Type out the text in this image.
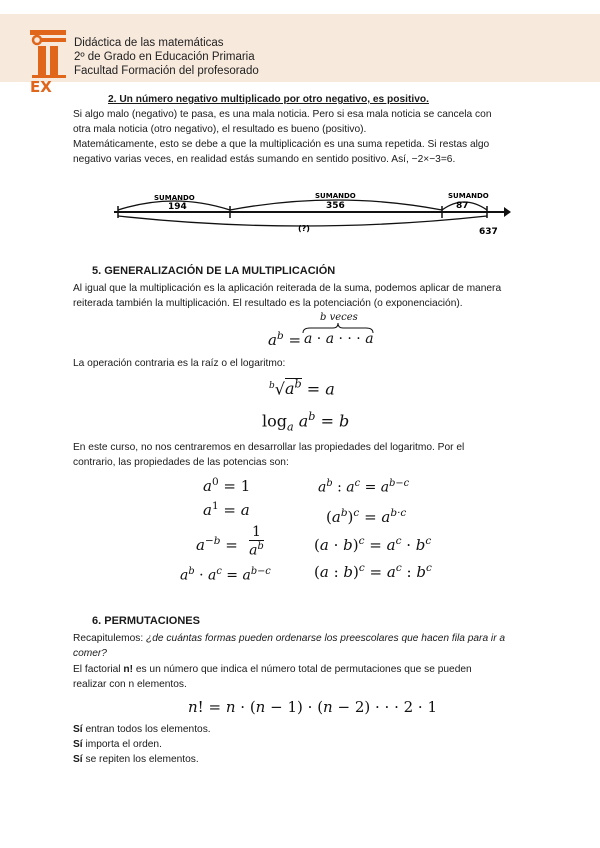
EX
Didáctica de las matemáticas
2º de Grado en Educación Primaria
Facultad Formación del profesorado
2. Un número negativo multiplicado por otro negativo, es positivo.
Si algo malo (negativo) te pasa, es una mala noticia. Pero si esa mala noticia se cancela con
otra mala noticia (otro negativo), el resultado es bueno (positivo).
Matemáticamente, esto se debe a que la multiplicación es una suma repetida. Si restas algo
negativo varias veces, en realidad estás sumando en sentido positivo. Así, −2×−3=6.
SUMANDO
194
SUMANDO
356
SUMANDO
87
(?)	637
5. GENERALIZACIÓN DE LA MULTIPLICACIÓN
Al igual que la multiplicación es la aplicación reiterada de la suma, podemos aplicar de manera
reiterada también la multiplicación. El resultado es la potenciación (o exponenciación).
$a^b$ =
b veces
a · a · · · a
La operación contraria es la raíz o el logaritmo:
$^b√a^b = a$
$\log_a a^b = b$
En este curso, no nos centraremos en desarrollar las propiedades del logaritmo. Por el
contrario, las propiedades de las potencias son:
$a^0 = 1$	$a^b$ : $a^c = a^{b-c}$
$a^1 = a$	$(a^b)^c = a^{b\cdot c}$
$a^{-b}$ =
1
$a^b$	$(a \cdot b)^c = a^c \cdot b^c$
$a^b \cdot a^c = a^{b-c}$	(a : $b)^c = a^c$ : $b^c$
6. PERMUTACIONES
Recapitulemos: ¿de cuántas formas pueden ordenarse los preescolares que hacen fila para ir a
comer?
El factorial n! es un número que indica el número total de permutaciones que se pueden
realizar con n elementos.
n! = n · (n − 1) · (n − 2) · · · 2 · 1
Sí entran todos los elementos.
Sí importa el orden.
Sí se repiten los elementos.
